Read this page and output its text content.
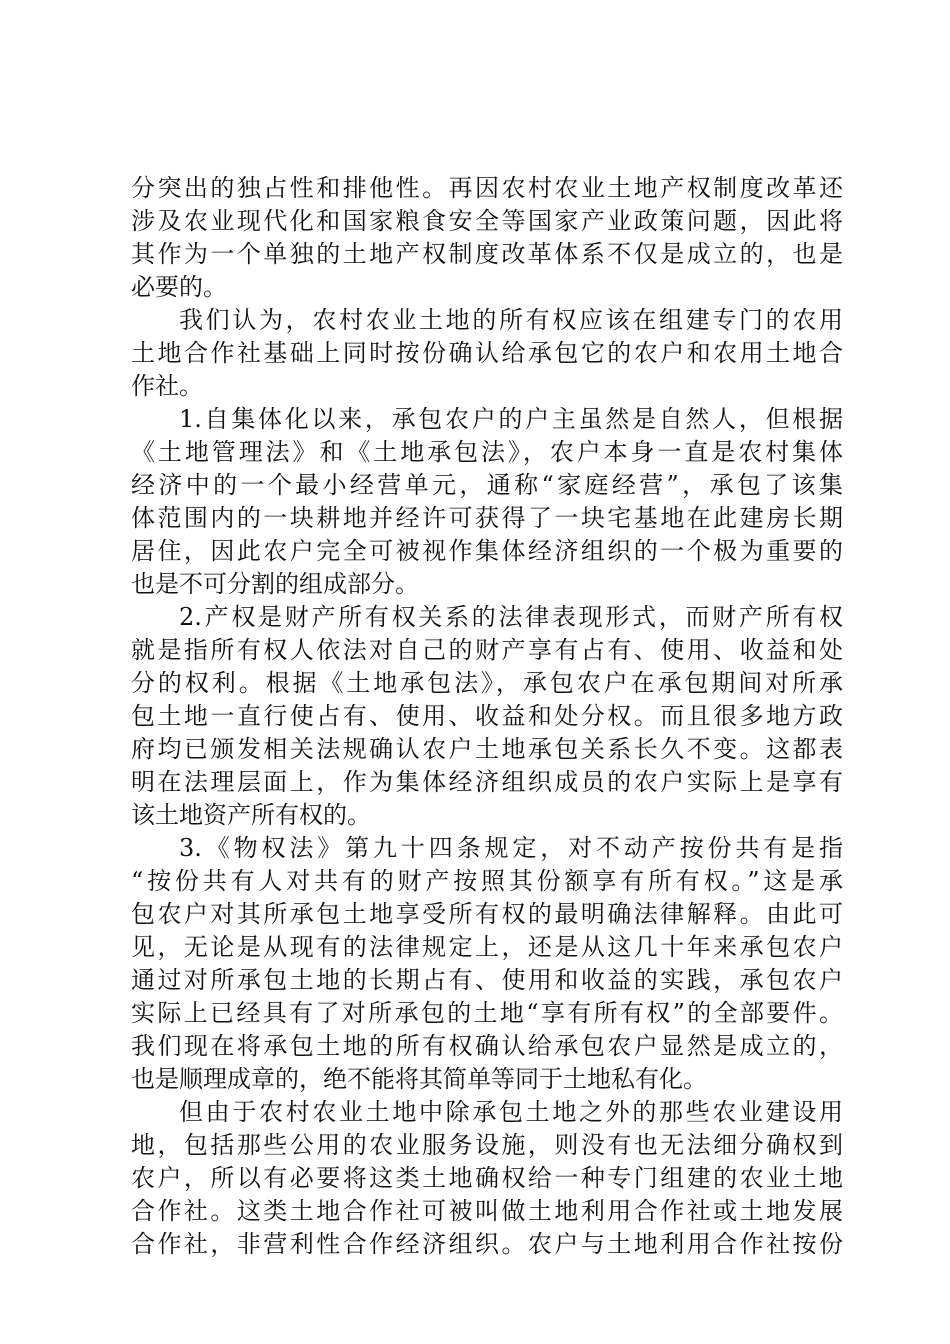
分突出的独占性和排他性。再因农村农业土地产权制度改革还
涉及农业现代化和国家粮食安全等国家产业政策问题，因此将
其作为一个单独的土地产权制度改革体系不仅是成立的，也是
必要的。
我们认为，农村农业土地的所有权应该在组建专门的农用
土地合作社基础上同时按份确认给承包它的农户和农用土地合
作社。
1.自集体化以来，承包农户的户主虽然是自然人，但根据
《土地管理法》和《土地承包法》，农户本身一直是农村集体
经济中的一个最小经营单元，通称“家庭经营”，承包了该集
体范围内的一块耕地并经许可获得了一块宅基地在此建房长期
居住，因此农户完全可被视作集体经济组织的一个极为重要的
也是不可分割的组成部分。
2.产权是财产所有权关系的法律表现形式，而财产所有权
就是指所有权人依法对自己的财产享有占有、使用、收益和处
分的权利。根据《土地承包法》，承包农户在承包期间对所承
包土地一直行使占有、使用、收益和处分权。而且很多地方政
府均已颁发相关法规确认农户土地承包关系长久不变。这都表
明在法理层面上，作为集体经济组织成员的农户实际上是享有
该土地资产所有权的。
3.《物权法》第九十四条规定，对不动产按份共有是指
“按份共有人对共有的财产按照其份额享有所有权。”这是承
包农户对其所承包土地享受所有权的最明确法律解释。由此可
见，无论是从现有的法律规定上，还是从这几十年来承包农户
通过对所承包土地的长期占有、使用和收益的实践，承包农户
实际上已经具有了对所承包的土地“享有所有权”的全部要件。
我们现在将承包土地的所有权确认给承包农户显然是成立的，
也是顺理成章的，绝不能将其简单等同于土地私有化。
但由于农村农业土地中除承包土地之外的那些农业建设用
地，包括那些公用的农业服务设施，则没有也无法细分确权到
农户，所以有必要将这类土地确权给一种专门组建的农业土地
合作社。这类土地合作社可被叫做土地利用合作社或土地发展
合作社，非营利性合作经济组织。农户与土地利用合作社按份
